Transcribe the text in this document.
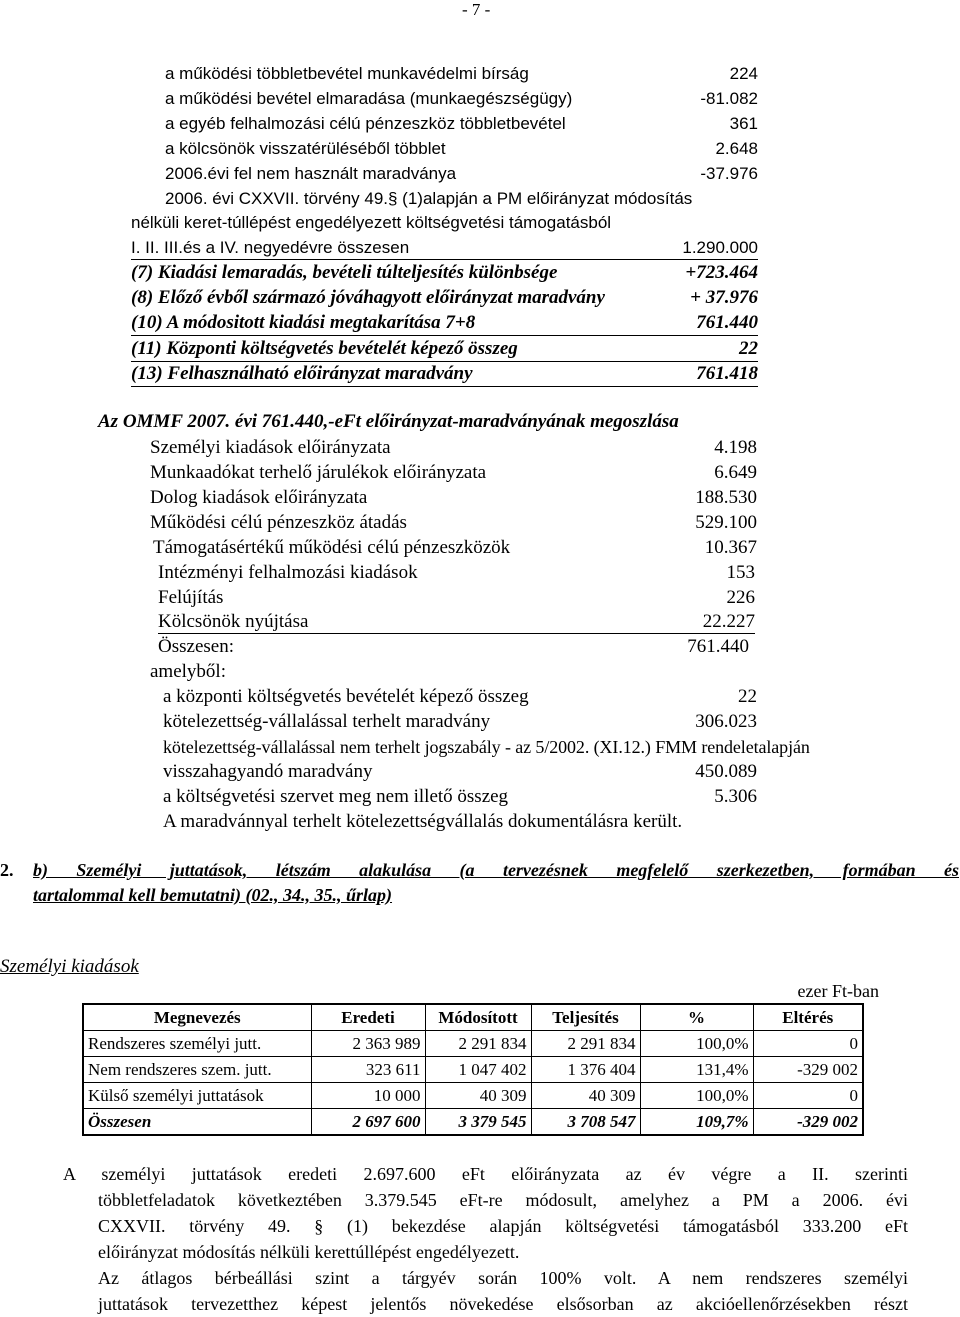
- 7 -
a működési többletbevétel munkavédelmi bírság	224
a működési bevétel elmaradása (munkaegészségügy)	-81.082
a egyéb felhalmozási célú pénzeszköz többletbevétel	361
a kölcsönök visszatérüléséből többlet	2.648
2006.évi fel nem használt maradványa	-37.976
2006. évi CXXVII. törvény 49.§ (1)alapján a PM előirányzat módosítás
nélküli keret-túllépést engedélyezett költségvetési támogatásból
I. II. III.és a IV. negyedévre összesen	1.290.000
(7) Kiadási lemaradás, bevételi túlteljesítés különbsége	+723.464
(8) Előző évből származó jóváhagyott előirányzat maradvány	+ 37.976
(10) A módositott kiadási megtakarítása 7+8	761.440
(11) Központi költségvetés bevételét képező összeg	22
(13) Felhasználható előirányzat maradvány	761.418
Az OMMF 2007. évi 761.440,-eFt előirányzat-maradványának megoszlása
Személyi kiadások előirányzata	4.198
Munkaadókat terhelő járulékok előirányzata	6.649
Dolog kiadások előirányzata	188.530
Működési célú pénzeszköz átadás	529.100
Támogatásértékű működési célú pénzeszközök	10.367
Intézményi felhalmozási kiadások	153
Felújítás	226
Kölcsönök nyújtása	22.227
Összesen:	761.440
amelyből:
a központi költségvetés bevételét képező összeg	22
kötelezettség-vállalással terhelt maradvány	306.023
kötelezettség-vállalással nem terhelt jogszabály - az 5/2002. (XI.12.) FMM rendeletalapján
visszahagyandó maradvány	450.089
a költségvetési szervet meg nem illető összeg	5.306
A maradvánnyal terhelt kötelezettségvállalás dokumentálásra került.
2. b) Személyi juttatások, létszám alakulása (a tervezésnek megfelelő szerkezetben, formában és
tartalommal kell bemutatni) (02., 34., 35., űrlap)
Személyi kiadások
ezer Ft-ban
Megnevezés	Eredeti	Módosított	Teljesítés	%	Eltérés
Rendszeres személyi jutt.	2 363 989	2 291 834	2 291 834	100,0%	0
Nem rendszeres szem. jutt.	323 611	1 047 402	1 376 404	131,4%	-329 002
Külső személyi juttatások	10 000	40 309	40 309	100,0%	0
Összesen	2 697 600	3 379 545	3 708 547	109,7%	-329 002
A személyi juttatások eredeti 2.697.600 eFt előirányzata az év végre a II. szerinti
többletfeladatok következtében 3.379.545 eFt-re módosult, amelyhez a PM a 2006. évi
CXXVII. törvény 49. § (1) bekezdése alapján költségvetési támogatásból 333.200 eFt
előirányzat módosítás nélküli kerettúllépést engedélyezett.
Az átlagos bérbeállási szint a tárgyév során 100% volt. A nem rendszeres személyi
juttatások tervezetthez képest jelentős növekedése elsősorban az akcióellenőrzésekben részt
